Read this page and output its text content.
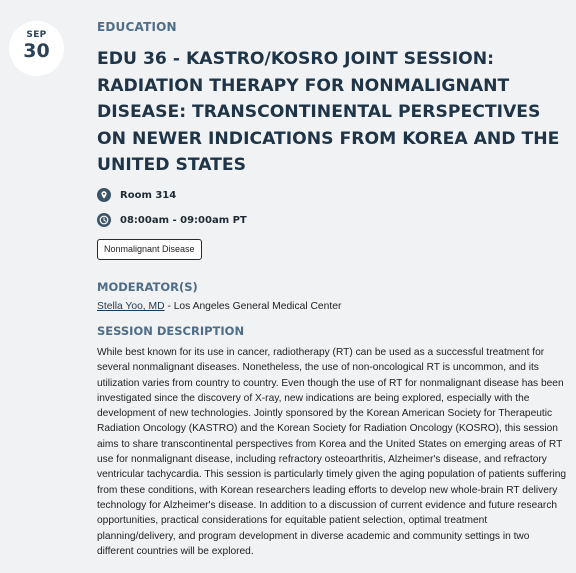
SEP
30
EDUCATION
EDU 36 - KASTRO/KOSRO JOINT SESSION: RADIATION THERAPY FOR NONMALIGNANT DISEASE: TRANSCONTINENTAL PERSPECTIVES ON NEWER INDICATIONS FROM KOREA AND THE UNITED STATES
Room 314
08:00am - 09:00am PT
Nonmalignant Disease
MODERATOR(S)
Stella Yoo, MD - Los Angeles General Medical Center
SESSION DESCRIPTION

While best known for its use in cancer, radiotherapy (RT) can be used as a successful treatment for several nonmalignant diseases. Nonetheless, the use of non-oncological RT is uncommon, and its utilization varies from country to country. Even though the use of RT for nonmalignant disease has been investigated since the discovery of X-ray, new indications are being explored, especially with the development of new technologies. Jointly sponsored by the Korean American Society for Therapeutic Radiation Oncology (KASTRO) and the Korean Society for Radiation Oncology (KOSRO), this session aims to share transcontinental perspectives from Korea and the United States on emerging areas of RT use for nonmalignant disease, including refractory osteoarthritis, Alzheimer's disease, and refractory ventricular tachycardia. This session is particularly timely given the aging population of patients suffering from these conditions, with Korean researchers leading efforts to develop new whole-brain RT delivery technology for Alzheimer's disease. In addition to a discussion of current evidence and future research opportunities, practical considerations for equitable patient selection, optimal treatment planning/delivery, and program development in diverse academic and community settings in two different countries will be explored.
